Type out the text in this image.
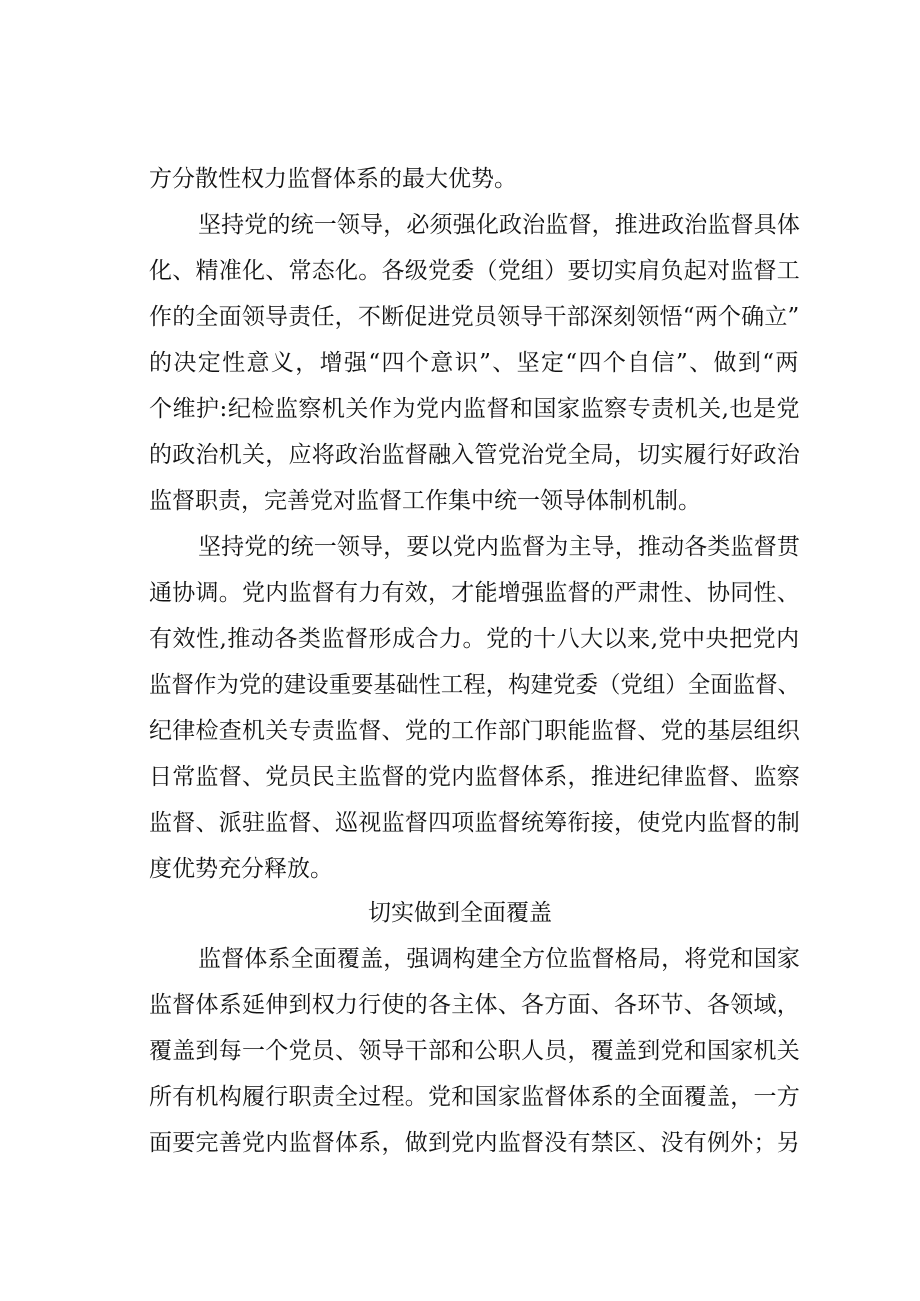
方分散性权力监督体系的最大优势。
坚持党的统一领导，必须强化政治监督，推进政治监督具体
化、精准化、常态化。各级党委（党组）要切实肩负起对监督工
作的全面领导责任，不断促进党员领导干部深刻领悟“两个确立”
的决定性意义，增强“四个意识”、坚定“四个自信”、做到“两
个维护:纪检监察机关作为党内监督和国家监察专责机关,也是党
的政治机关，应将政治监督融入管党治党全局，切实履行好政治
监督职责，完善党对监督工作集中统一领导体制机制。
坚持党的统一领导，要以党内监督为主导，推动各类监督贯
通协调。党内监督有力有效，才能增强监督的严肃性、协同性、
有效性,推动各类监督形成合力。党的十八大以来,党中央把党内
监督作为党的建设重要基础性工程，构建党委（党组）全面监督、
纪律检查机关专责监督、党的工作部门职能监督、党的基层组织
日常监督、党员民主监督的党内监督体系，推进纪律监督、监察
监督、派驻监督、巡视监督四项监督统筹衔接，使党内监督的制
度优势充分释放。
切实做到全面覆盖
监督体系全面覆盖，强调构建全方位监督格局，将党和国家
监督体系延伸到权力行使的各主体、各方面、各环节、各领域，
覆盖到每一个党员、领导干部和公职人员，覆盖到党和国家机关
所有机构履行职责全过程。党和国家监督体系的全面覆盖，一方
面要完善党内监督体系，做到党内监督没有禁区、没有例外；另
